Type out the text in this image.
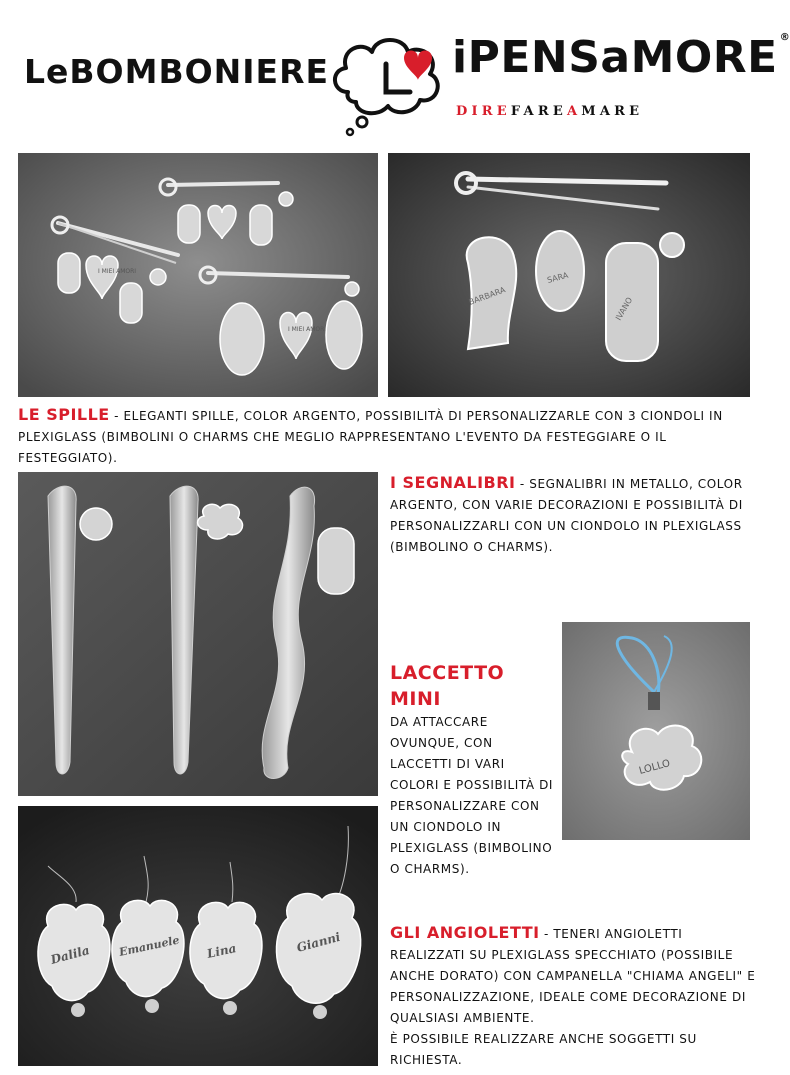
LeBOMBONIERE	iPENSaMORE ®
DIREFAREAMARE
I MIEI AMORI
I MIEI AMORI
BARBARA
SARA
IVANO

LE SPILLE - ELEGANTI SPILLE, COLOR ARGENTO, POSSIBILITÀ DI PERSONALIZZARLE CON 3 CIONDOLI IN PLEXIGLASS (BIMBOLINI O CHARMS CHE MEGLIO RAPPRESENTANO L'EVENTO DA FESTEGGIARE O IL FESTEGGIATO).

I SEGNALIBRI - SEGNALIBRI IN METALLO, COLOR ARGENTO, CON VARIE DECORAZIONI E POSSIBILITÀ DI PERSONALIZZARLI CON UN CIONDOLO IN PLEXIGLASS (BIMBOLINO O CHARMS).

LOLLO
LACCETTO MINI

DA ATTACCARE OVUNQUE, CON LACCETTI DI VARI COLORI E POSSIBILITÀ DI PERSONALIZZARE CON UN CIONDOLO IN PLEXIGLASS (BIMBOLINO O CHARMS).

Dalila Emanuele Lina	Gianni	GLI ANGIOLETTI - TENERI ANGIOLETTI REALIZZATI SU PLEXIGLASS SPECCHIATO (POSSIBILE ANCHE DORATO) CON CAMPANELLA "CHIAMA ANGELI" E PERSONALIZZAZIONE, IDEALE COME DECORAZIONE DI QUALSIASI AMBIENTE.

È POSSIBILE REALIZZARE ANCHE SOGGETTI SU RICHIESTA.
